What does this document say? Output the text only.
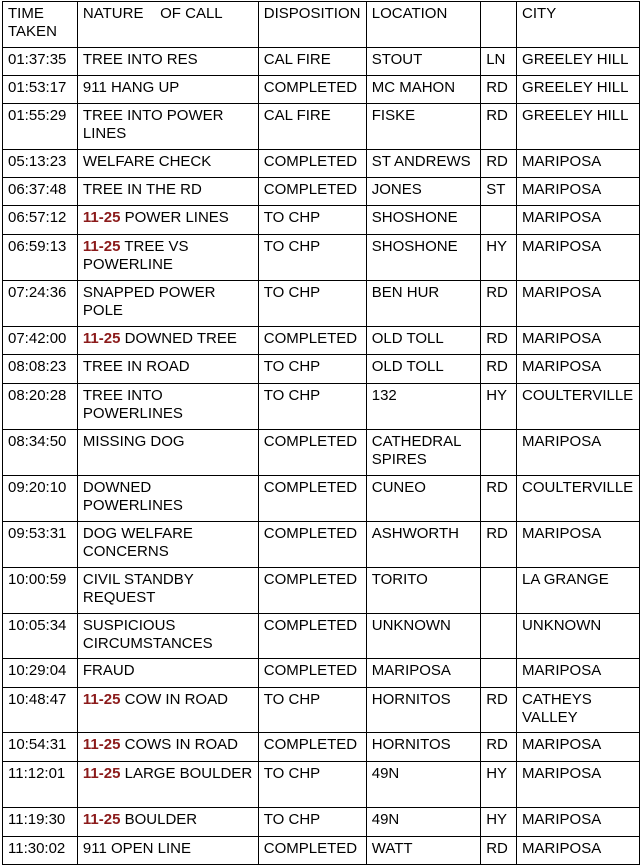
TIME TAKEN	NATURE    OF CALL	DISPOSITION	LOCATION		CITY
01:37:35	TREE INTO RES	CAL FIRE	STOUT	LN	GREELEY HILL
01:53:17	911 HANG UP	COMPLETED	MC MAHON	RD	GREELEY HILL
01:55:29	TREE INTO POWER LINES	CAL FIRE	FISKE	RD	GREELEY HILL
05:13:23	WELFARE CHECK	COMPLETED	ST ANDREWS	RD	MARIPOSA
06:37:48	TREE IN THE RD	COMPLETED	JONES	ST	MARIPOSA
06:57:12	11-25 POWER LINES	TO CHP	SHOSHONE		MARIPOSA
06:59:13	11-25 TREE VS POWERLINE	TO CHP	SHOSHONE	HY	MARIPOSA
07:24:36	SNAPPED POWER POLE	TO CHP	BEN HUR	RD	MARIPOSA
07:42:00	11-25 DOWNED TREE	COMPLETED	OLD TOLL	RD	MARIPOSA
08:08:23	TREE IN ROAD	TO CHP	OLD TOLL	RD	MARIPOSA
08:20:28	TREE INTO POWERLINES	TO CHP	132	HY	COULTERVILLE
08:34:50	MISSING DOG	COMPLETED	CATHEDRAL SPIRES		MARIPOSA
09:20:10	DOWNED POWERLINES	COMPLETED	CUNEO	RD	COULTERVILLE
09:53:31	DOG WELFARE CONCERNS	COMPLETED	ASHWORTH	RD	MARIPOSA
10:00:59	CIVIL STANDBY REQUEST	COMPLETED	TORITO		LA GRANGE
10:05:34	SUSPICIOUS CIRCUMSTANCES	COMPLETED	UNKNOWN		UNKNOWN
10:29:04	FRAUD	COMPLETED	MARIPOSA		MARIPOSA
10:48:47	11-25 COW IN ROAD	TO CHP	HORNITOS	RD	CATHEYS VALLEY
10:54:31	11-25 COWS IN ROAD	COMPLETED	HORNITOS	RD	MARIPOSA
11:12:01	11-25 LARGE BOULDER	TO CHP	49N	HY	MARIPOSA
11:19:30	11-25 BOULDER	TO CHP	49N	HY	MARIPOSA
11:30:02	911 OPEN LINE	COMPLETED	WATT	RD	MARIPOSA
